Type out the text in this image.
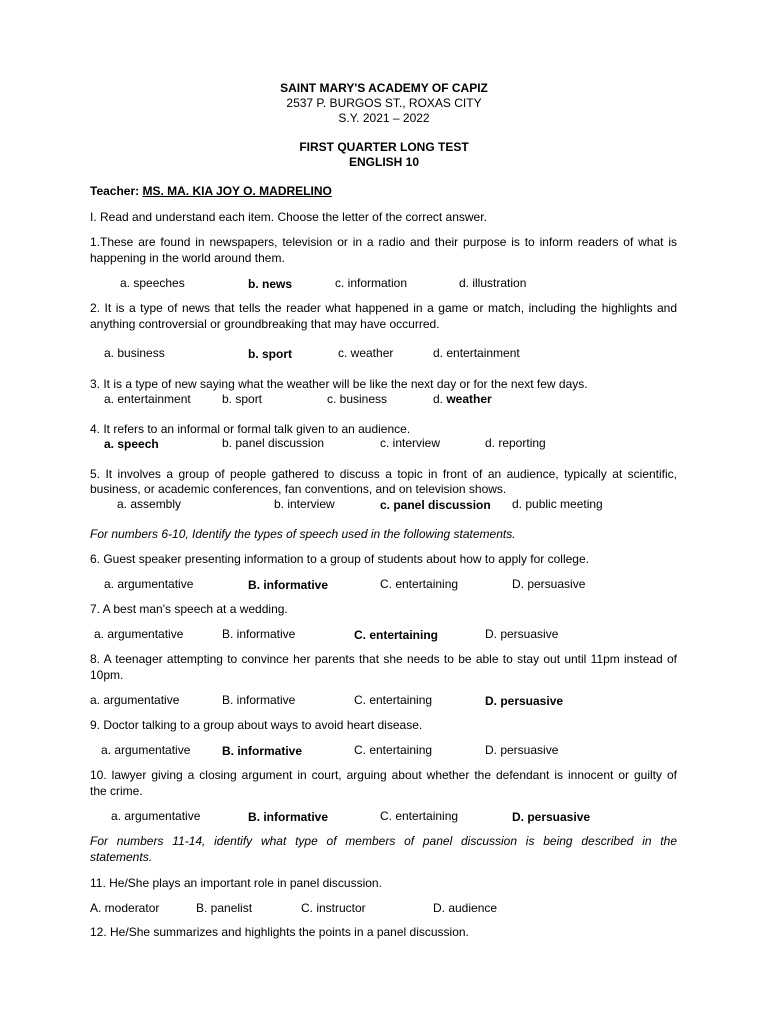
SAINT MARY'S ACADEMY OF CAPIZ
2537 P. BURGOS ST., ROXAS CITY
S.Y. 2021 – 2022
FIRST QUARTER LONG TEST
ENGLISH 10
Teacher: MS. MA. KIA JOY O. MADRELINO
I. Read and understand each item. Choose the letter of the correct answer.
1.These are found in newspapers, television or in a radio and their purpose is to inform readers of what is
happening in the world around them.
a. speeches	b. news	c. information	d. illustration
2. It is a type of news that tells the reader what happened in a game or match, including the highlights and
anything controversial or groundbreaking that may have occurred.
a. business	b. sport	c. weather	d. entertainment
3. It is a type of new saying what the weather will be like the next day or for the next few days.
a. entertainment	b. sport	c. business	d. weather
4. It refers to an informal or formal talk given to an audience.
a. speech	b. panel discussion	c. interview	d. reporting
5. It involves a group of people gathered to discuss a topic in front of an audience, typically at scientific,
business, or academic conferences, fan conventions, and on television shows.
a. assembly	b. interview	c. panel discussion d. public meeting
For numbers 6-10, Identify the types of speech used in the following statements.
6. Guest speaker presenting information to a group of students about how to apply for college.
a. argumentative	B. informative	C. entertaining	D. persuasive
7. A best man's speech at a wedding.
a. argumentative	B. informative	C. entertaining	D. persuasive
8. A teenager attempting to convince her parents that she needs to be able to stay out until 11pm instead of
10pm.
a. argumentative	B. informative	C. entertaining	D. persuasive
9. Doctor talking to a group about ways to avoid heart disease.
a. argumentative	B. informative	C. entertaining	D. persuasive
10. lawyer giving a closing argument in court, arguing about whether the defendant is innocent or guilty of
the crime.
a. argumentative	B. informative	C. entertaining	D. persuasive
For numbers 11-14, identify what type of members of panel discussion is being described in the
statements.
11. He/She plays an important role in panel discussion.
A. moderator	B. panelist	C. instructor	D. audience
12. He/She summarizes and highlights the points in a panel discussion.
